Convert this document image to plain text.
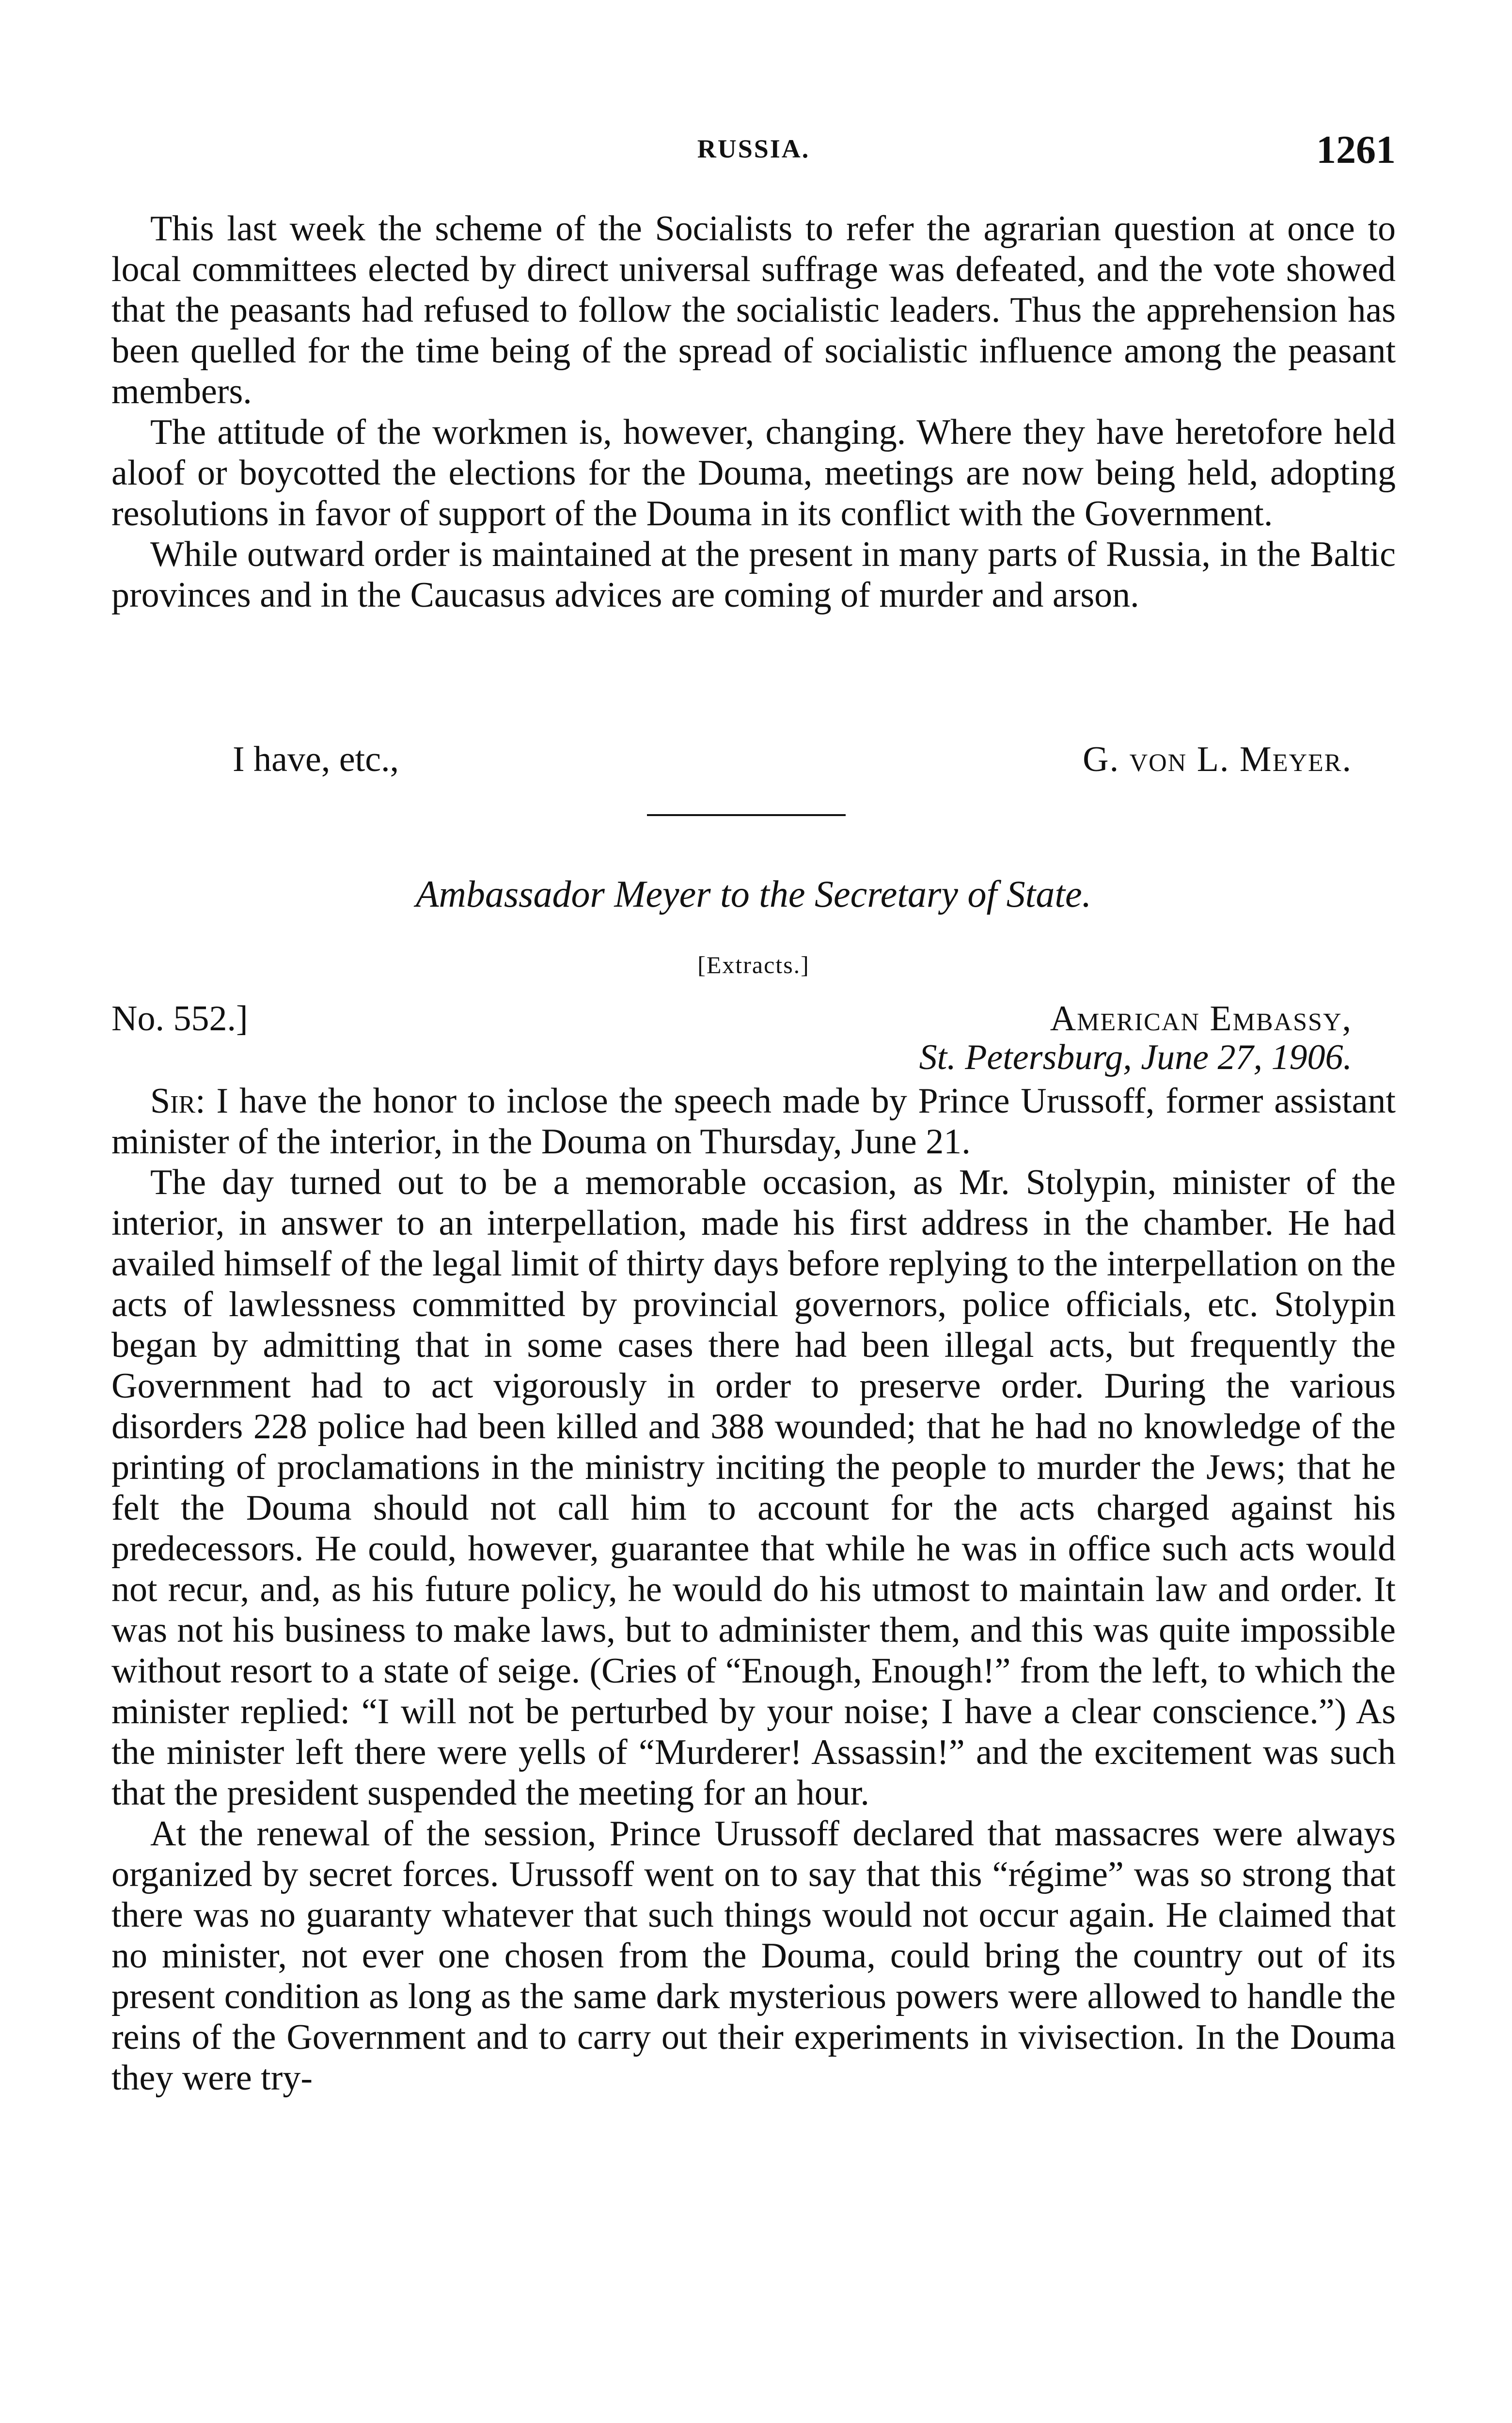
RUSSIA.	1261

This last week the scheme of the Socialists to refer the agrarian question at once to local committees elected by direct universal suffrage was defeated, and the vote showed that the peasants had refused to follow the socialistic leaders. Thus the apprehension has been quelled for the time being of the spread of socialistic influence among the peasant members.

The attitude of the workmen is, however, changing. Where they have heretofore held aloof or boycotted the elections for the Douma, meetings are now being held, adopting resolutions in favor of support of the Douma in its conflict with the Government.

While outward order is maintained at the present in many parts of Russia, in the Baltic provinces and in the Caucasus advices are coming of murder and arson.

I have, etc.,	G. von L. Meyer.
Ambassador Meyer to the Secretary of State.
[Extracts.]
No. 552.]	American Embassy,
St. Petersburg, June 27, 1906.

Sir: I have the honor to inclose the speech made by Prince Urussoff, former assistant minister of the interior, in the Douma on Thursday, June 21.

The day turned out to be a memorable occasion, as Mr. Stolypin, minister of the interior, in answer to an interpellation, made his first address in the chamber. He had availed himself of the legal limit of thirty days before replying to the interpellation on the acts of lawlessness committed by provincial governors, police officials, etc. Stolypin began by admitting that in some cases there had been illegal acts, but frequently the Government had to act vigorously in order to preserve order. During the various disorders 228 police had been killed and 388 wounded; that he had no knowledge of the printing of proclamations in the ministry inciting the people to murder the Jews; that he felt the Douma should not call him to account for the acts charged against his predecessors. He could, however, guarantee that while he was in office such acts would not recur, and, as his future policy, he would do his utmost to maintain law and order. It was not his business to make laws, but to administer them, and this was quite impossible without resort to a state of seige. (Cries of “Enough, Enough!” from the left, to which the minister replied: “I will not be perturbed by your noise; I have a clear conscience.”) As the minister left there were yells of “Murderer! Assassin!” and the excitement was such that the president suspended the meeting for an hour.

At the renewal of the session, Prince Urussoff declared that massacres were always organized by secret forces. Urussoff went on to say that this “régime” was so strong that there was no guaranty whatever that such things would not occur again. He claimed that no minister, not ever one chosen from the Douma, could bring the country out of its present condition as long as the same dark mysterious powers were allowed to handle the reins of the Government and to carry out their experiments in vivisection. In the Douma they were try-
